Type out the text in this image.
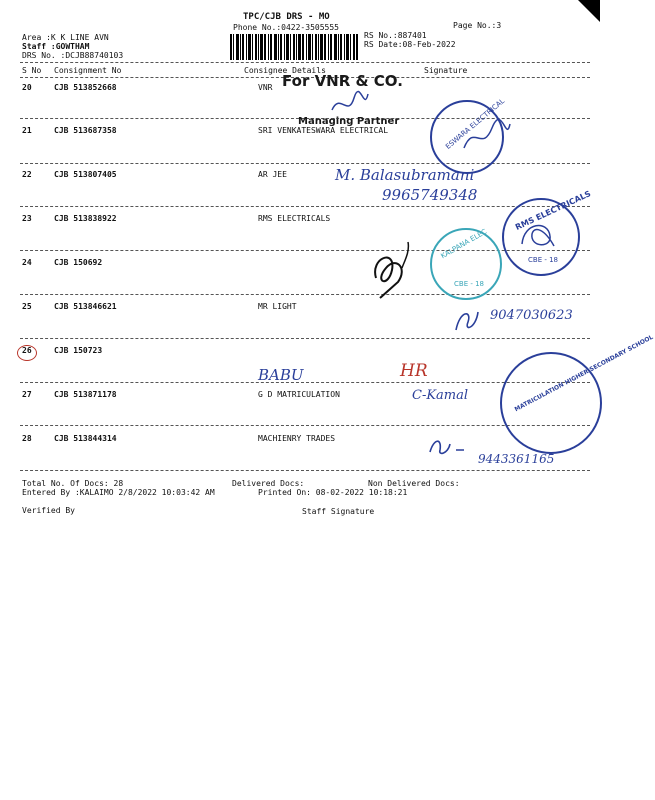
TPC/CJB DRS - MO
Phone No.:0422-3505555	Page No.:3
Area :K K LINE AVN
Staff :GOWTHAM
DRS No. :DCJB88740103
RS No.:887401
RS Date:08-Feb-2022
S No Consignment No	Consignee Details	Signature
20	CJB 513852668	VNR
21	CJB 513687358	SRI VENKATESWARA ELECTRICAL
22	CJB 513807405	AR JEE
23	CJB 513838922	RMS ELECTRICALS
24	CJB 150692
25	CJB 513846621	MR LIGHT
26	CJB 150723
27	CJB 513871178	G D MATRICULATION
28	CJB 513844314	MACHIENRY TRADES
For VNR & CO.
Managing Partner	ESWARA ELECTRICAL
M. Balasubramani
9965749348	RMS ELECTRICALS
CBE - 18
KALPANA ELEC
CBE - 18
9047030623
BABU	HR	MATRICULATION HIGHER SECONDARY SCHOOL
C-Kamal
9443361165
Total No. Of Docs: 28	Delivered Docs:	Non Delivered Docs:
Entered By :KALAIMO 2/8/2022 10:03:42 AM	Printed On: 08-02-2022 10:18:21
Verified By	Staff Signature
